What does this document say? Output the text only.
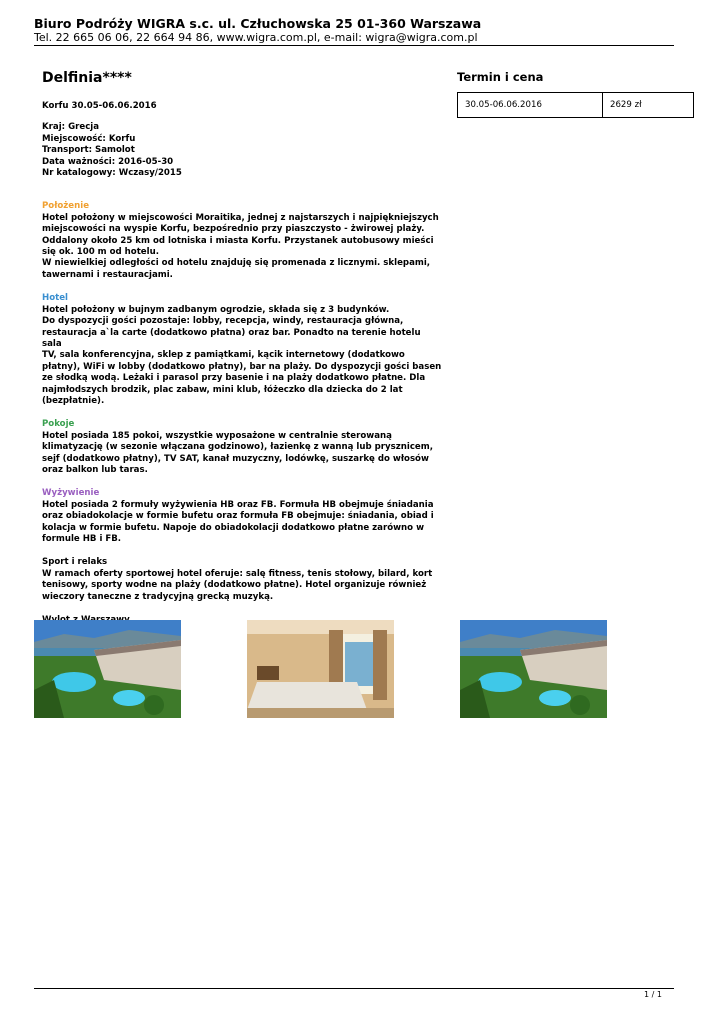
Biuro Podróży WIGRA s.c. ul. Człuchowska 25 01-360 Warszawa

Tel. 22 665 06 06, 22 664 94 86, www.wigra.com.pl, e-mail: wigra@wigra.com.pl

Delfinia****

Korfu 30.05-06.06.2016

Kraj: Grecja

Miejscowość: Korfu

Transport: Samolot

Data ważności: 2016-05-30

Nr katalogowy: Wczasy/2015

Położenie

Hotel położony w miejscowości Moraitika, jednej z najstarszych i najpiękniejszych

miejscowości na wyspie Korfu, bezpośrednio przy piaszczysto - żwirowej plaży.

Oddalony około 25 km od lotniska i miasta Korfu. Przystanek autobusowy mieści

się ok. 100 m od hotelu.

W niewielkiej odległości od hotelu znajduję się promenada z licznymi. sklepami,

tawernami i restauracjami.

Hotel

Hotel położony w bujnym zadbanym ogrodzie, składa się z 3 budynków.

Do dyspozycji gości pozostaje: lobby, recepcja, windy, restauracja główna,

restauracja a`la carte (dodatkowo płatna) oraz bar. Ponadto na terenie hotelu sala

TV, sala konferencyjna, sklep z pamiątkami, kącik internetowy (dodatkowo

płatny), WiFi w lobby (dodatkowo płatny), bar na plaży. Do dyspozycji gości basen

ze słodką wodą. Leżaki i parasol przy basenie i na plaży dodatkowo płatne. Dla

najmłodszych brodzik, plac zabaw, mini klub, łóżeczko dla dziecka do 2 lat

(bezpłatnie).

Pokoje

Hotel posiada 185 pokoi, wszystkie wyposażone w centralnie sterowaną

klimatyzację (w sezonie włączana godzinowo), łazienkę z wanną lub prysznicem,

sejf (dodatkowo płatny), TV SAT, kanał muzyczny, lodówkę, suszarkę do włosów

oraz balkon lub taras.

Wyżywienie

Hotel posiada 2 formuły wyżywienia HB oraz FB. Formuła HB obejmuje śniadania

oraz obiadokolacje w formie bufetu oraz formuła FB obejmuje: śniadania, obiad i

kolacja w formie bufetu. Napoje do obiadokolacji dodatkowo płatne zarówno w

formule HB i FB.

Sport i relaks

W ramach oferty sportowej hotel oferuje: salę fitness, tenis stołowy, bilard, kort

tenisowy, sporty wodne na plaży (dodatkowo płatne). Hotel organizuje również

wieczory taneczne z tradycyjną grecką muzyką.

Termin i cena

30.05-06.06.2016	2629 zł
1 / 1
